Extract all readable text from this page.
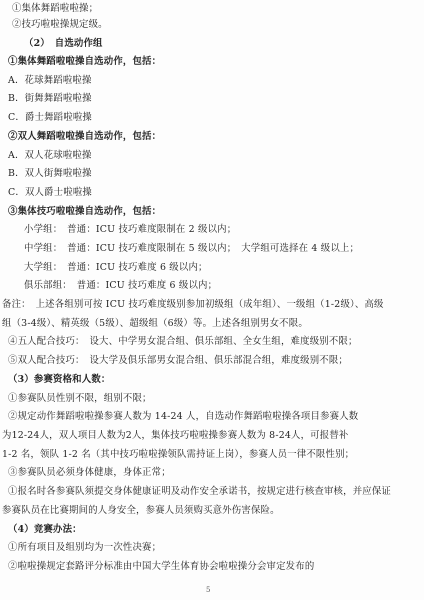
①集体舞蹈啦啦操；
②技巧啦啦操规定级。
（2）　自选动作组
①集体舞蹈啦啦操自选动作，包括：
A．花球舞蹈啦啦操
B．街舞舞蹈啦啦操
C．爵士舞蹈啦啦操
②双人舞蹈啦啦操自选动作，包括：
A．双人花球啦啦操
B．双人街舞啦啦操
C．双人爵士啦啦操
③集体技巧啦啦操自选动作，包括：
小学组：　普通：ICU 技巧难度限制在 2 级以内；
中学组：　普通：ICU 技巧难度限制在 5 级以内；　大学组可选择在 4 级以上；
大学组：　普通：ICU 技巧难度 6 级以内；
俱乐部组：　普通：ICU 技巧难度 6 级以内；
备注：　上述各组别可按 ICU 技巧难度级别参加初级组（成年组）、一级组（1-2级）、高级
组（3-4级）、精英级（5级）、超级组（6级）等。上述各组别男女不限。
④五人配合技巧：　设大、中学男女混合组、俱乐部组、全女生组，难度级别不限；
⑤双人配合技巧：　设大学及俱乐部男女混合组、俱乐部混合组，难度级别不限；
（3）参赛资格和人数：
①参赛队员性别不限，组别不限；
②规定动作舞蹈啦啦操参赛人数为 14-24 人，自选动作舞蹈啦啦操各项目参赛人数
为12-24人，双人项目人数为2人，集体技巧啦啦操参赛人数为 8-24人，可报替补
1-2 名，领队 1-2 名（其中技巧啦啦操领队需持证上岗），参赛人员一律不限性别；
③参赛队员必须身体健康，身体正常；
①报名时各参赛队须提交身体健康证明及动作安全承诺书，按规定进行核查审核，并应保证
参赛队员在比赛期间的人身安全，参赛人员须购买意外伤害保险。
（4）竞赛办法：
①所有项目及组别均为一次性决赛；
②啦啦操规定套路评分标准由中国大学生体育协会啦啦操分会审定发布的
5
